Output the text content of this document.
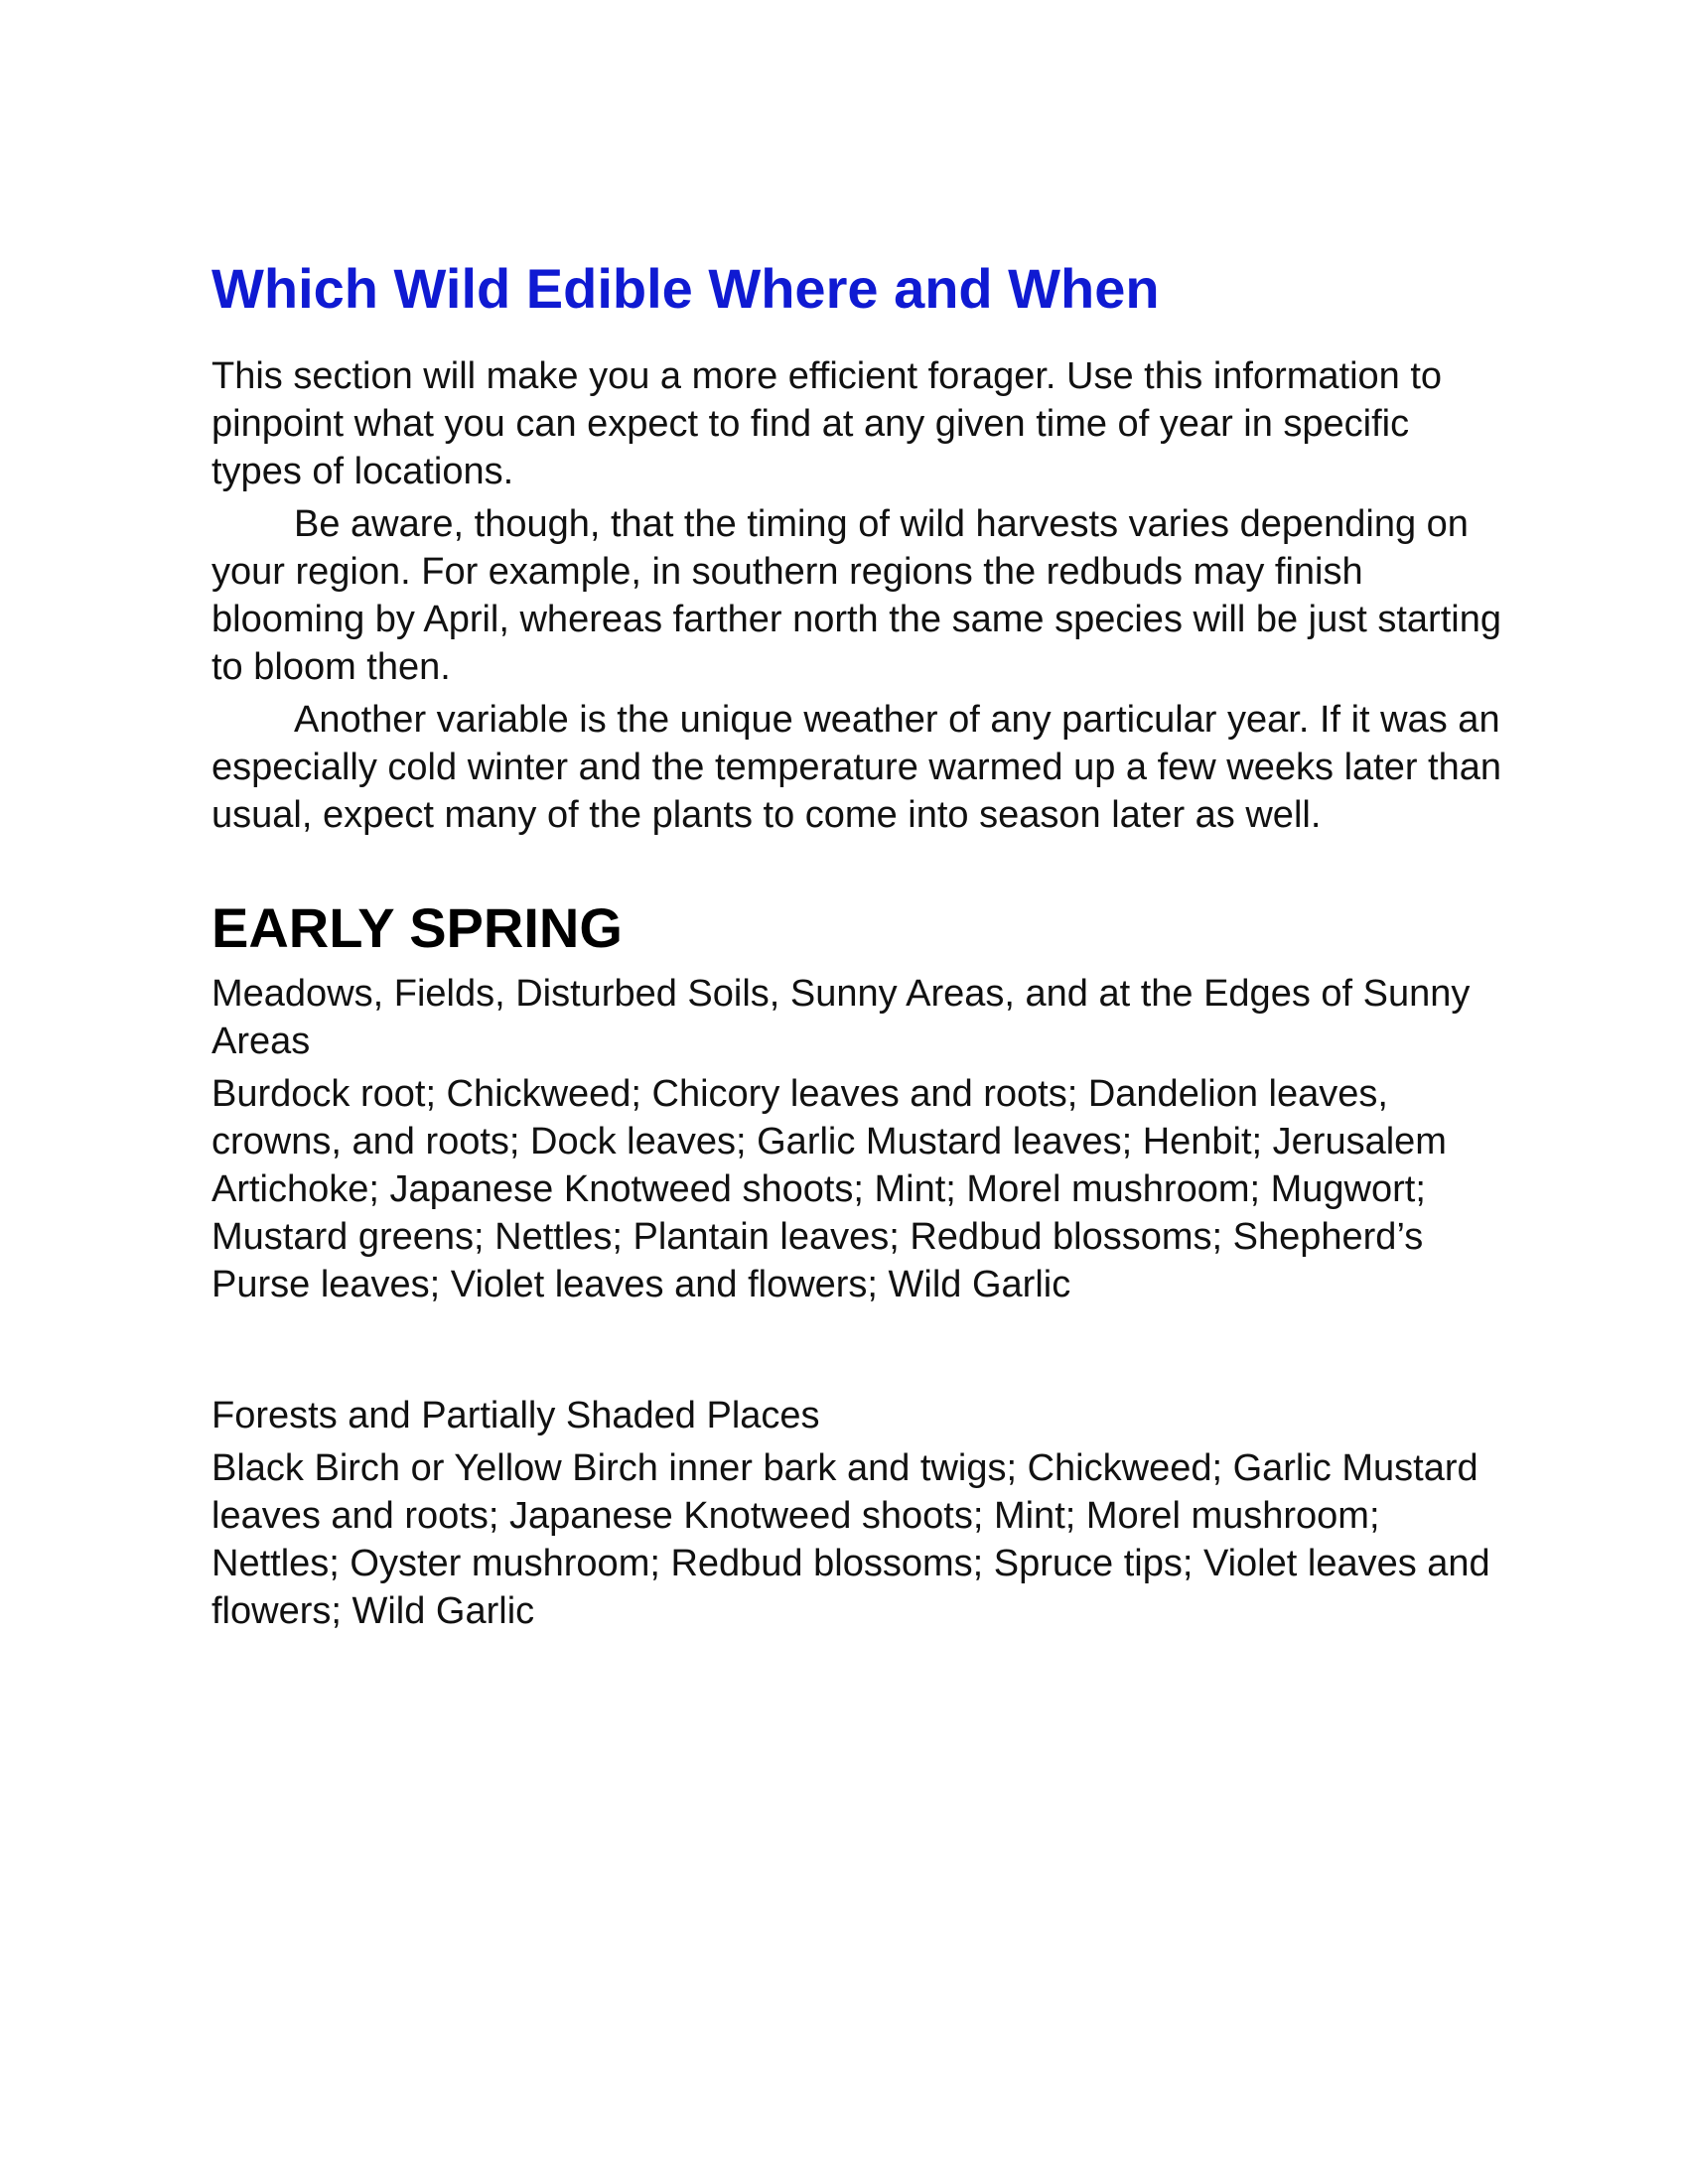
Which Wild Edible Where and When

This section will make you a more efficient forager. Use this information to pinpoint what you can expect to find at any given time of year in specific types of locations.

Be aware, though, that the timing of wild harvests varies depending on your region. For example, in southern regions the redbuds may finish blooming by April, whereas farther north the same species will be just starting to bloom then.

Another variable is the unique weather of any particular year. If it was an especially cold winter and the temperature warmed up a few weeks later than usual, expect many of the plants to come into season later as well.

EARLY SPRING

Meadows, Fields, Disturbed Soils, Sunny Areas, and at the Edges of Sunny Areas

Burdock root; Chickweed; Chicory leaves and roots; Dandelion leaves, crowns, and roots; Dock leaves; Garlic Mustard leaves; Henbit; Jerusalem Artichoke; Japanese Knotweed shoots; Mint; Morel mushroom; Mugwort; Mustard greens; Nettles; Plantain leaves; Redbud blossoms; Shepherd’s Purse leaves; Violet leaves and flowers; Wild Garlic

Forests and Partially Shaded Places

Black Birch or Yellow Birch inner bark and twigs; Chickweed; Garlic Mustard leaves and roots; Japanese Knotweed shoots; Mint; Morel mushroom; Nettles; Oyster mushroom; Redbud blossoms; Spruce tips; Violet leaves and flowers; Wild Garlic
